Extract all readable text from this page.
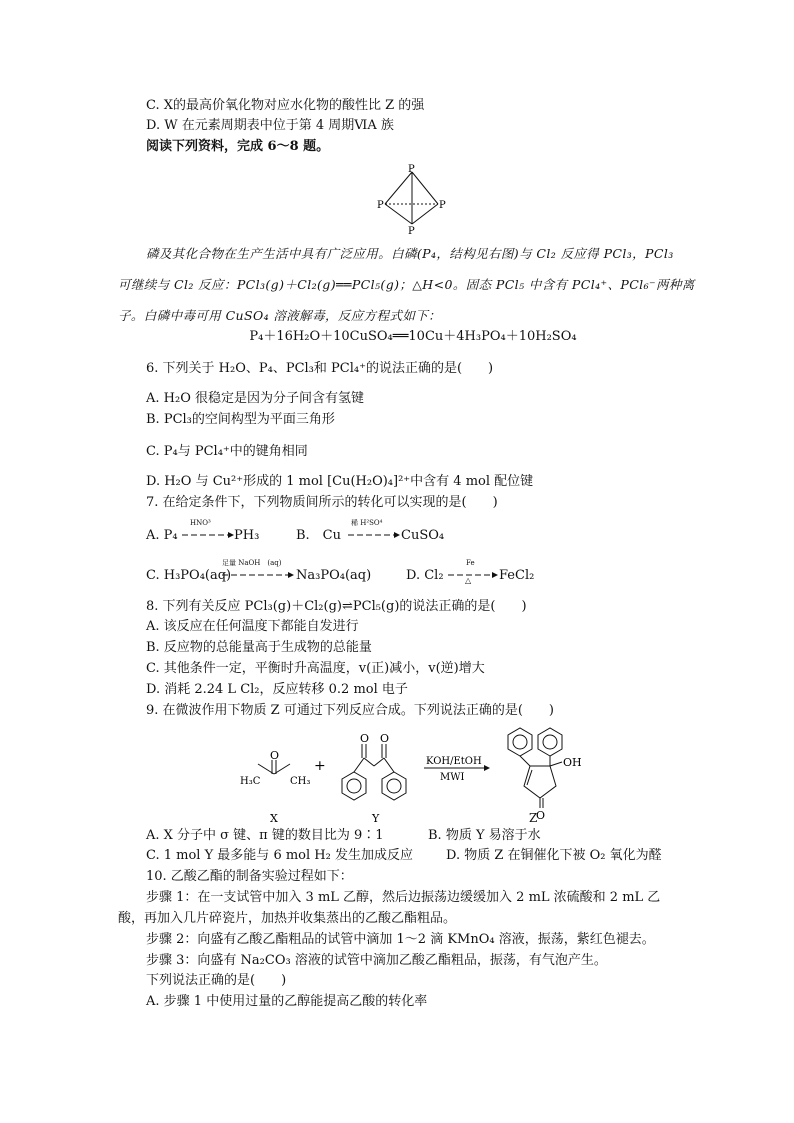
C. X的最高价氧化物对应水化物的酸性比 Z 的强
D. W 在元素周期表中位于第 4 周期ⅥA 族
阅读下列资料，完成 6～8 题。
P
P	P
P
磷及其化合物在生产生活中具有广泛应用。白磷(P₄，结构见右图)与 Cl₂ 反应得 PCl₃，PCl₃
可继续与 Cl₂ 反应：PCl₃(g)＋Cl₂(g)══PCl₅(g)；△H<0。固态 PCl₅ 中含有 PCl₄⁺、PCl₆⁻两种离
子。白磷中毒可用 CuSO₄ 溶液解毒，反应方程式如下：
P₄＋16H₂O＋10CuSO₄══10Cu＋4H₃PO₄＋10H₂SO₄
6. 下列关于 H₂O、P₄、PCl₃和 PCl₄⁺的说法正确的是(　　)
A. H₂O 很稳定是因为分子间含有氢键
B. PCl₃的空间构型为平面三角形
C. P₄与 PCl₄⁺中的键角相同
D. H₂O 与 Cu²⁺形成的 1 mol [Cu(H₂O)₄]²⁺中含有 4 mol 配位键
7. 在给定条件下，下列物质间所示的转化可以实现的是(　　)
A. P₄
HNO³
PH₃	B.　Cu
稀 H²SO⁴
CuSO₄
C. H₃PO₄(aq)
足量 NaOH　(aq)
Na₃PO₄(aq)	D. Cl₂
Fe
△ FeCl₂
8. 下列有关反应 PCl₃(g)＋Cl₂(g)⇌PCl₅(g)的说法正确的是(　　)
A. 该反应在任何温度下都能自发进行
B. 反应物的总能量高于生成物的总能量
C. 其他条件一定，平衡时升高温度，v(正)减小，v(逆)增大
D. 消耗 2.24 L Cl₂，反应转移 0.2 mol 电子
9. 在微波作用下物质 Z 可通过下列反应合成。下列说法正确的是(　　)
O
H₃C	CH₃
X
+
O O
Y
KOH/EtOH
MWI
OH
O
Z
A. X 分子中 σ 键、π 键的数目比为 9∶1	B. 物质 Y 易溶于水
C. 1 mol Y 最多能与 6 mol H₂ 发生加成反应	D. 物质 Z 在铜催化下被 O₂ 氧化为醛
10. 乙酸乙酯的制备实验过程如下：
步骤 1：在一支试管中加入 3 mL 乙醇，然后边振荡边缓缓加入 2 mL 浓硫酸和 2 mL 乙
酸，再加入几片碎瓷片，加热并收集蒸出的乙酸乙酯粗品。
步骤 2：向盛有乙酸乙酯粗品的试管中滴加 1～2 滴 KMnO₄ 溶液，振荡，紫红色褪去。
步骤 3：向盛有 Na₂CO₃ 溶液的试管中滴加乙酸乙酯粗品，振荡，有气泡产生。
下列说法正确的是(　　)
A. 步骤 1 中使用过量的乙醇能提高乙酸的转化率
